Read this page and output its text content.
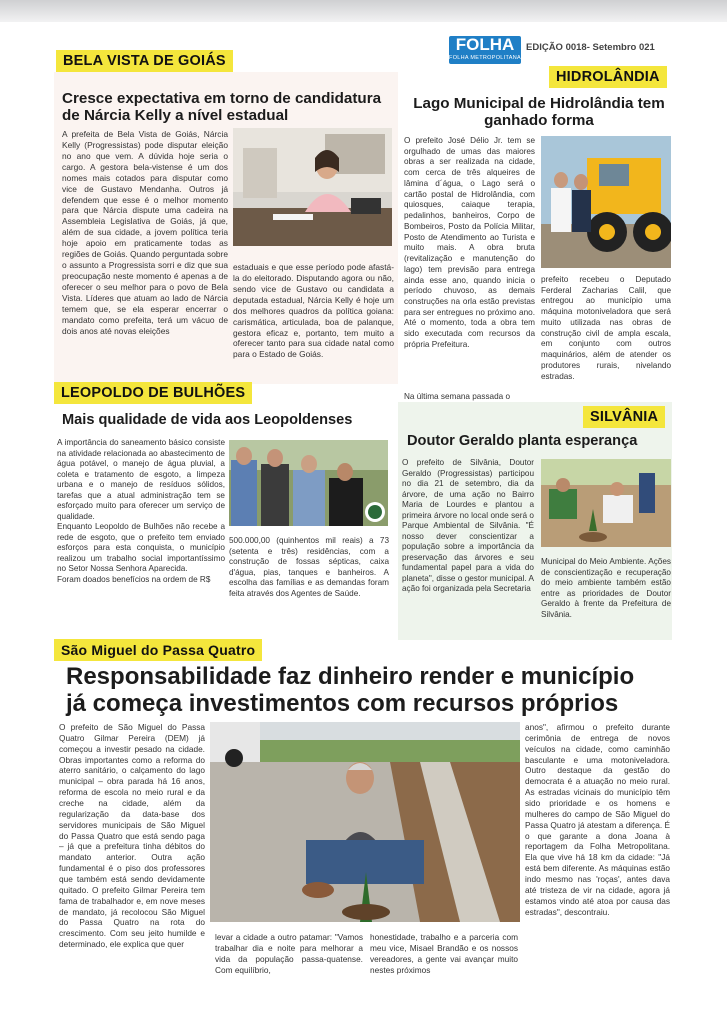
FOLHA
FOLHA METROPOLITANA
EDIÇÃO 0018- Setembro 021
BELA VISTA DE GOIÁS
Cresce expectativa em torno de candidatura de Nárcia Kelly a nível estadual
A prefeita de Bela Vista de Goiás, Nárcia Kelly (Progressistas) pode disputar eleição no ano que vem. A dúvida hoje seria o cargo. A gestora bela-vistense é um dos nomes mais cotados para disputar como vice de Gustavo Mendanha. Outros já defendem que esse é o melhor momento para que Nárcia dispute uma cadeira na Assembleia Legislativa de Goiás, já que, além de sua cidade, a jovem política teria hoje apoio em praticamente todas as regiões de Goiás. Quando perguntada sobre o assunto a Progressista sorri e diz que sua preocupação neste momento é apenas a de oferecer o seu melhor para o povo de Bela Vista. Líderes que atuam ao lado de Nárcia temem que, se ela esperar encerrar o mandato como prefeita, terá um vácuo de dois anos até novas eleições
estaduais e que esse período pode afastá-la do eleitorado. Disputando agora ou não, sendo vice de Gustavo ou candidata a deputada estadual, Nárcia Kelly é hoje um dos melhores quadros da política goiana: carismática, articulada, boa de palanque, gestora eficaz e, portanto, tem muito a oferecer tanto para sua cidade natal como para o Estado de Goiás.
HIDROLÂNDIA
Lago Municipal de Hidrolândia tem ganhado forma
O prefeito José Délio Jr. tem se orgulhado de umas das maiores obras a ser realizada na cidade, com cerca de três alqueires de lâmina d´água, o Lago será o cartão postal de Hidrolândia, com quiosques, caiaque terapia, pedalinhos, banheiros, Corpo de Bombeiros, Posto da Polícia Militar, Posto de Atendimento ao Turista e muito mais. A obra bruta (revitalização e manutenção do lago) tem previsão para entrega ainda esse ano, quando inicia o período chuvoso, as demais construções na orla estão previstas para ser entregues no próximo ano. Até o momento, toda a obra tem sido executada com recursos da própria Prefeitura.
Na última semana passada o
prefeito recebeu o Deputado Ferderal Zacharias Calil, que entregou ao município uma máquina motoniveladora que será muito utilizada nas obras de construção civil de ampla escala, em conjunto com outros maquinários, além de atender os produtores rurais, nivelando estradas.
LEOPOLDO DE BULHÕES
Mais qualidade de vida aos Leopoldenses
A importância do saneamento básico consiste na atividade relacionada ao abastecimento de água potável, o manejo de água pluvial, a coleta e tratamento de esgoto, a limpeza urbana e o manejo de resíduos sólidos, tarefas que a atual administração tem se esforçado muito para oferecer um serviço de qualidade.
Enquanto Leopoldo de Bulhões não recebe a rede de esgoto, que o prefeito tem enviado esforços para esta conquista, o município realizou um trabalho social importantíssimo no Setor Nossa Senhora Aparecida.
Foram doados benefícios na ordem de R$
500.000,00 (quinhentos mil reais) a 73 (setenta e três) residências, com a construção de fossas sépticas, caixa d'água, pias, tanques e banheiros. A escolha das famílias e as demandas foram feita através dos Agentes de Saúde.
SILVÂNIA
Doutor Geraldo planta esperança
O prefeito de Silvânia, Doutor Geraldo (Progressistas) participou no dia 21 de setembro, dia da árvore, de uma ação no Bairro Maria de Lourdes e plantou a primeira árvore no local onde será o Parque Ambiental de Silvânia. "É nosso dever conscientizar a população sobre a importância da preservação das árvores e seu fundamental papel para a vida do planeta", disse o gestor municipal. A ação foi organizada pela Secretaria
Municipal do Meio Ambiente. Ações de conscientização e recuperação do meio ambiente também estão entre as prioridades de Doutor Geraldo à frente da Prefeitura de Silvânia.
São Miguel do Passa Quatro
Responsabilidade faz dinheiro render e município
já começa investimentos com recursos próprios
O prefeito de São Miguel do Passa Quatro Gilmar Pereira (DEM) já começou a investir pesado na cidade. Obras importantes como a reforma do aterro sanitário, o calçamento do lago municipal – obra parada há 16 anos, reforma de escola no meio rural e da creche na cidade, além da regularização da data-base dos servidores municipais de São Miguel do Passa Quatro que está sendo paga – já que a prefeitura tinha débitos do mandato anterior. Outra ação fundamental é o piso dos professores que também está sendo devidamente quitado. O prefeito Gilmar Pereira tem fama de trabalhador e, em nove meses de mandato, já recolocou São Miguel do Passa Quatro na rota do crescimento. Com seu jeito humilde e determinado, ele explica que quer
levar a cidade a outro patamar: "Vamos trabalhar dia e noite para melhorar a vida da população passa-quatense. Com equilíbrio,
honestidade, trabalho e a parceria com meu vice, Misael Brandão e os nossos vereadores, a gente vai avançar muito nestes próximos
anos", afirmou o prefeito durante cerimônia de entrega de novos veículos na cidade, como caminhão basculante e uma motoniveladora. Outro destaque da gestão do democrata é a atuação no meio rural. As estradas vicinais do município têm sido prioridade e os homens e mulheres do campo de São Miguel do Passa Quatro já atestam a diferença. É o que garante a dona Joana à reportagem da Folha Metropolitana. Ela que vive há 18 km da cidade: "Já está bem diferente. As máquinas estão indo mesmo nas 'roças', antes dava até tristeza de vir na cidade, agora já estamos vindo até atoa por causa das estradas", descontraiu.
